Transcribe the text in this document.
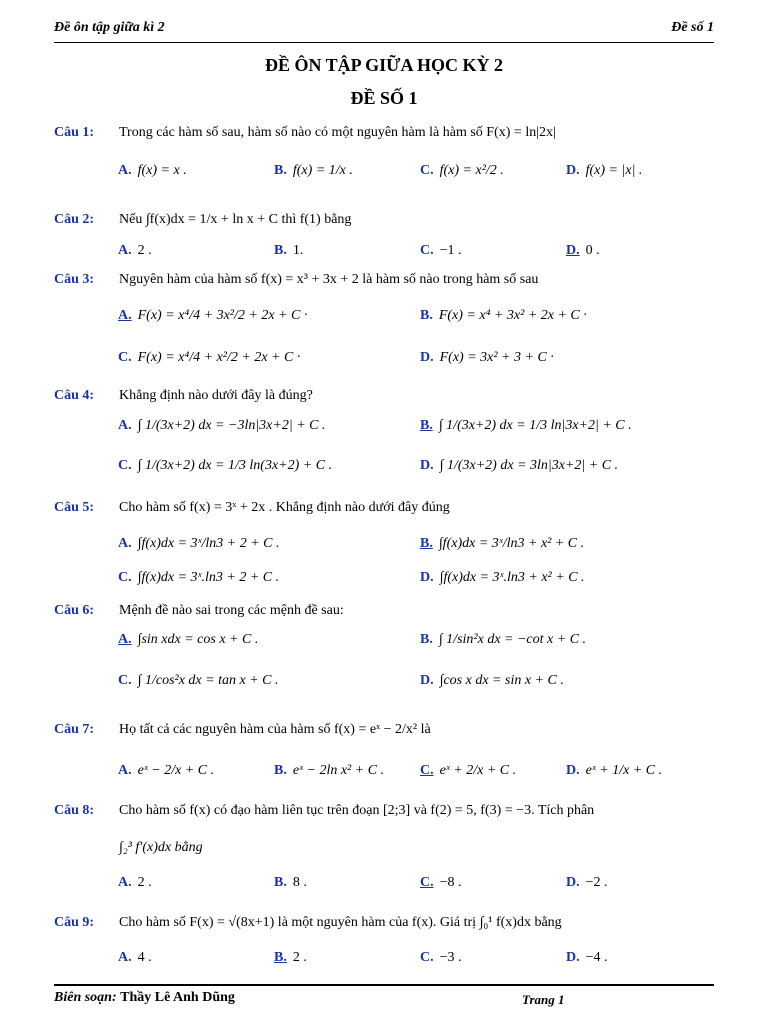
Đề ôn tập giữa kì 2	Đề số 1
ĐỀ ÔN TẬP GIỮA HỌC KỲ 2
ĐỀ SỐ 1
Câu 1: Trong các hàm số sau, hàm số nào có một nguyên hàm là hàm số F(x) = ln|2x|
A. f(x) = x .	B. f(x) = 1/x .	C. f(x) = x²/2 .	D. f(x) = |x| .
Câu 2: Nếu ∫f(x)dx = 1/x + ln x + C thì f(1) bằng
A. 2 .	B. 1.	C. −1 .	D. 0 .
Câu 3: Nguyên hàm của hàm số f(x) = x³ + 3x + 2 là hàm số nào trong hàm số sau
A. F(x) = x⁴/4 + 3x²/2 + 2x + C ·	B. F(x) = x⁴ + 3x² + 2x + C ·
C. F(x) = x⁴/4 + x²/2 + 2x + C ·	D. F(x) = 3x² + 3 + C ·
Câu 4: Khẳng định nào dưới đây là đúng?
A. ∫ 1/(3x+2) dx = −3ln|3x+2| + C .	B. ∫ 1/(3x+2) dx = 1/3 ln|3x+2| + C .
C. ∫ 1/(3x+2) dx = 1/3 ln(3x+2) + C .	D. ∫ 1/(3x+2) dx = 3ln|3x+2| + C .
Câu 5: Cho hàm số f(x) = 3ˣ + 2x . Khẳng định nào dưới đây đúng
A. ∫f(x)dx = 3ˣ/ln3 + 2 + C .	B. ∫f(x)dx = 3ˣ/ln3 + x² + C .
C. ∫f(x)dx = 3ˣ.ln3 + 2 + C .	D. ∫f(x)dx = 3ˣ.ln3 + x² + C .
Câu 6: Mệnh đề nào sai trong các mệnh đề sau:
A. ∫sin xdx = cos x + C .	B. ∫ 1/sin²x dx = −cot x + C .
C. ∫ 1/cos²x dx = tan x + C .	D. ∫cos x dx = sin x + C .
Câu 7: Họ tất cả các nguyên hàm của hàm số f(x) = eˣ − 2/x² là
A. eˣ − 2/x + C .	B. eˣ − 2ln x² + C .	C. eˣ + 2/x + C .	D. eˣ + 1/x + C .
Câu 8: Cho hàm số f(x) có đạo hàm liên tục trên đoạn [2;3] và f(2) = 5, f(3) = −3. Tích phân
∫₂³ f′(x)dx bằng
A. 2 .	B. 8 .	C. −8 .	D. −2 .
Câu 9: Cho hàm số F(x) = √(8x+1) là một nguyên hàm của f(x). Giá trị ∫₀¹ f(x)dx bằng
A. 4 .	B. 2 .	C. −3 .	D. −4 .
Biên soạn: Thầy Lê Anh Dũng	Trang 1
